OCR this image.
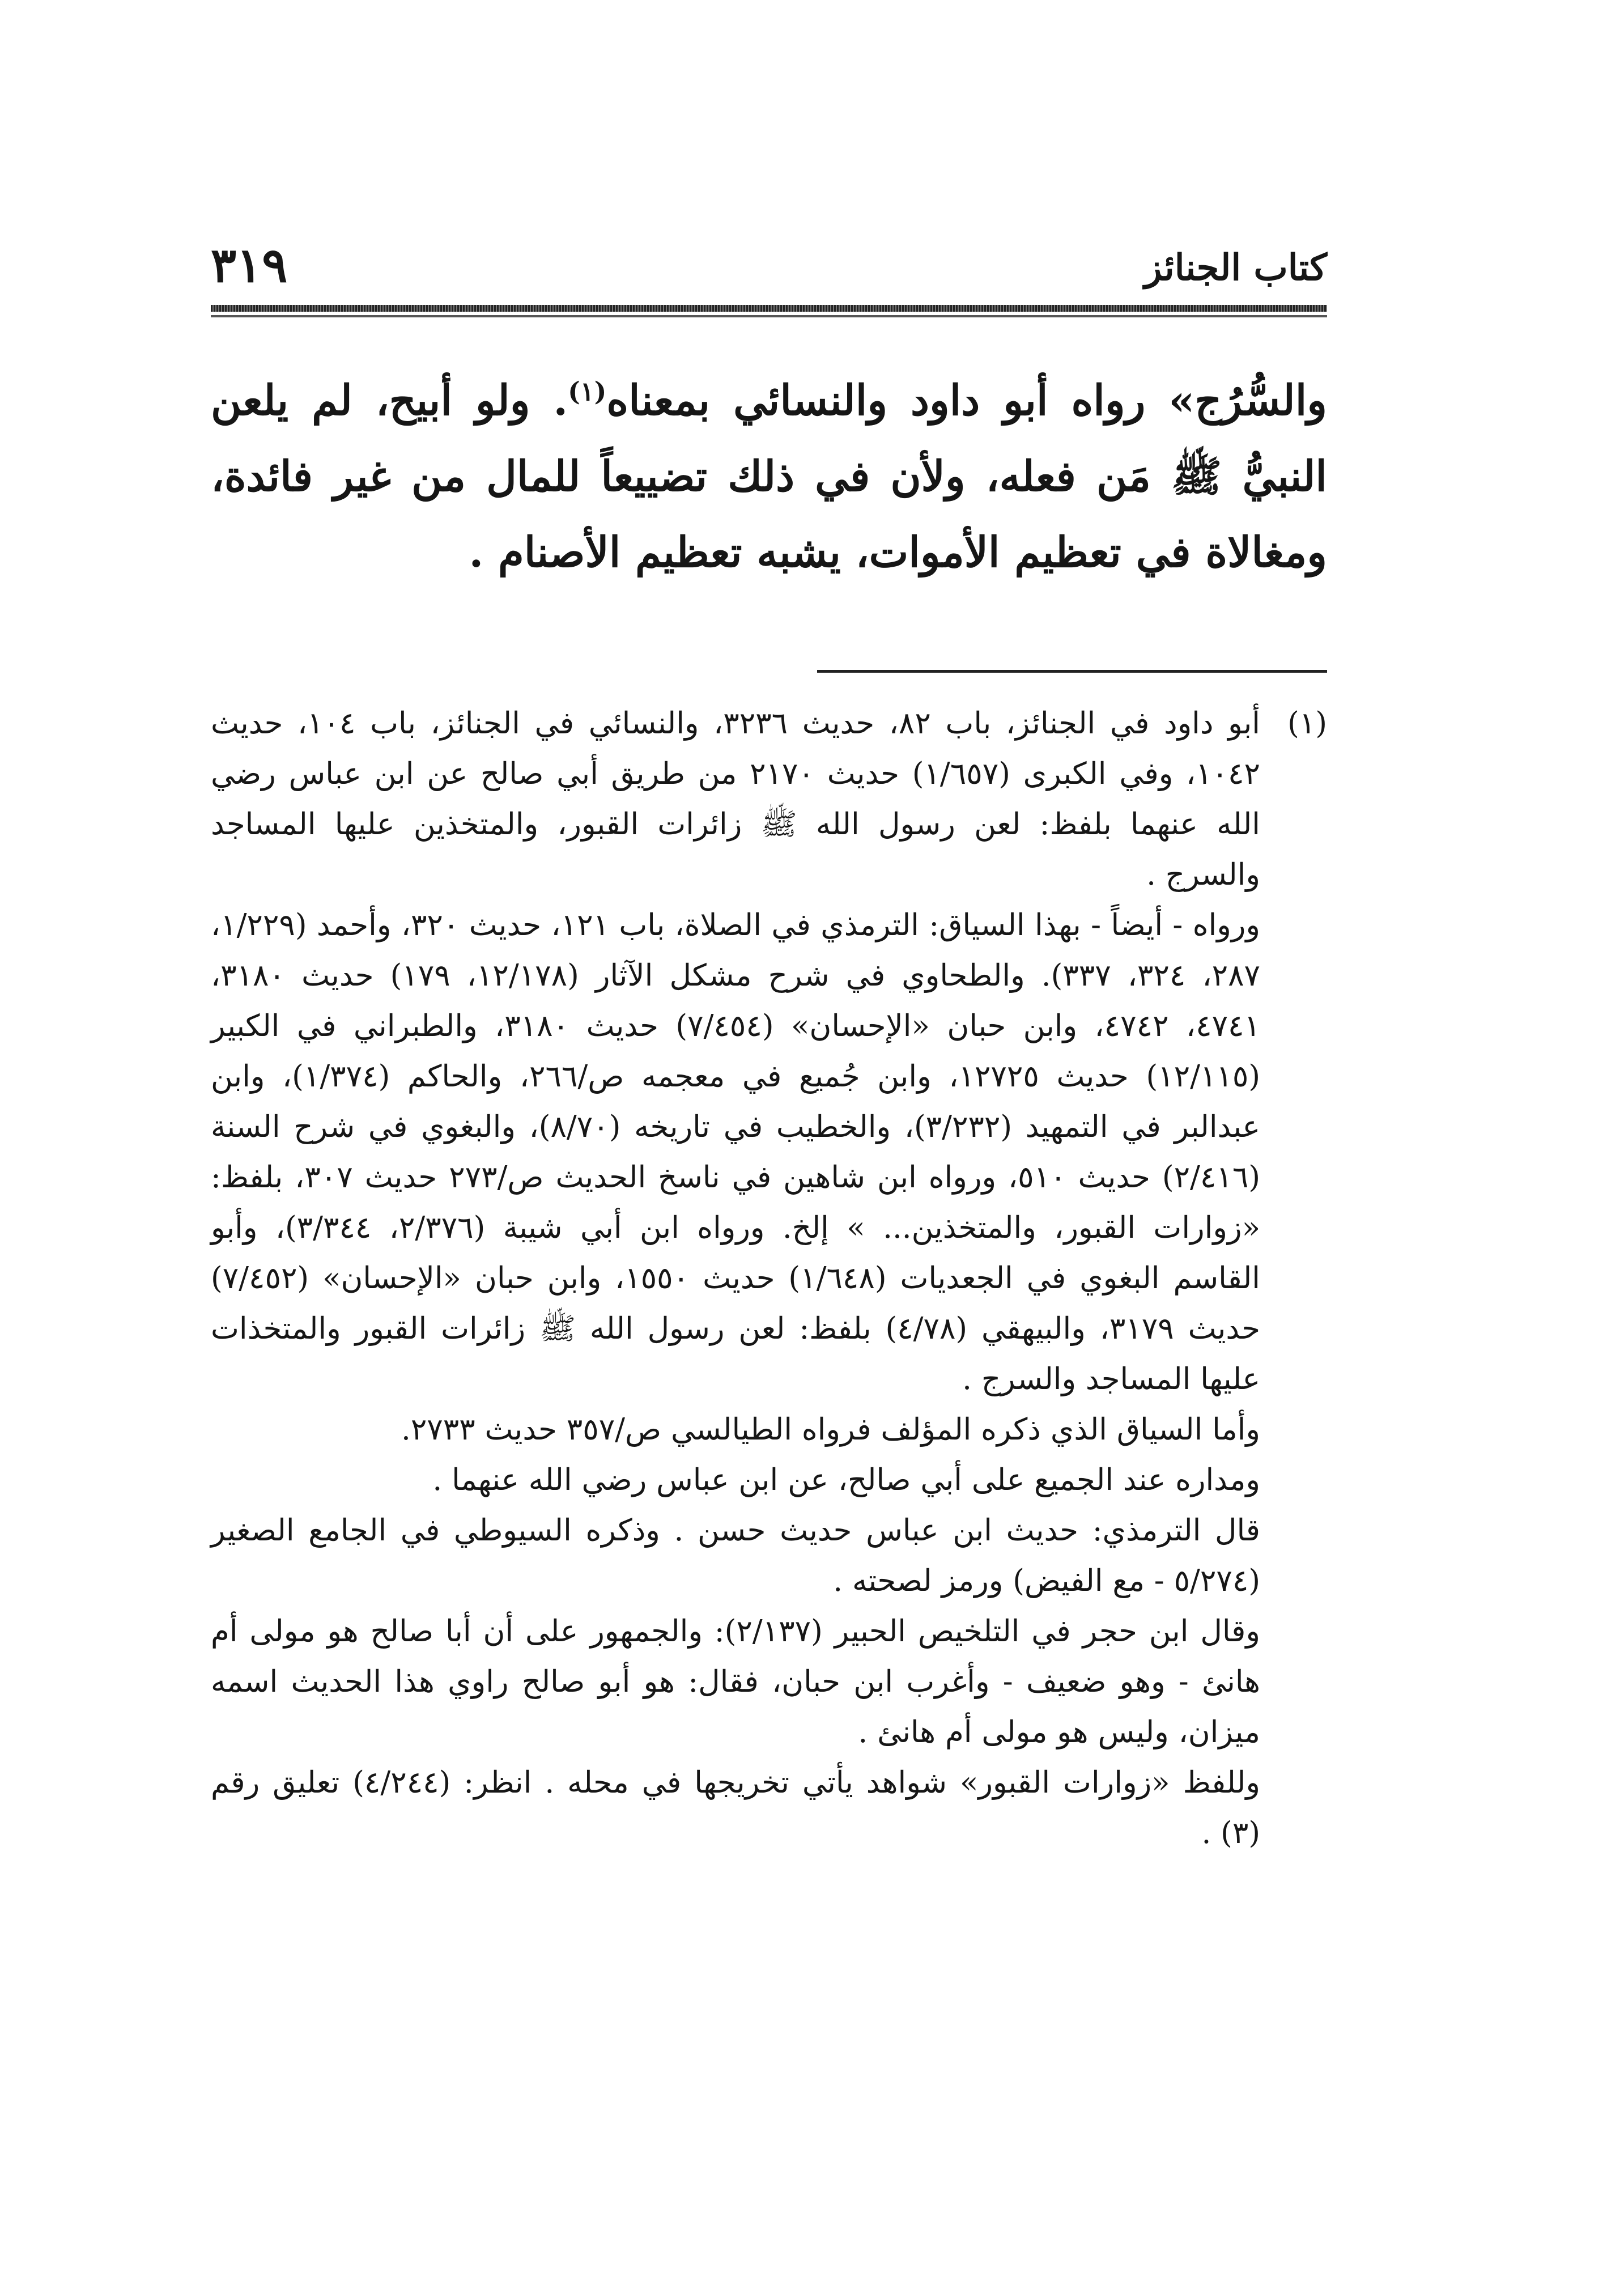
٣١٩	كتاب الجنائز

والسُّرُج» رواه أبو داود والنسائي بمعناه$^{(١)}$. ولو أبيح، لم يلعن النبيُّ ﷺ مَن فعله، ولأن في ذلك تضييعاً للمال من غير فائدة، ومغالاة في تعظيم الأموات، يشبه تعظيم الأصنام .

(١)

أبو داود في الجنائز، باب ٨٢، حديث ٣٢٣٦، والنسائي في الجنائز، باب ١٠٤، حديث ١٠٤٢، وفي الكبرى (١/٦٥٧) حديث ٢١٧٠ من طريق أبي صالح عن ابن عباس رضي الله عنهما بلفظ: لعن رسول الله ﷺ زائرات القبور، والمتخذين عليها المساجد والسرج .

ورواه - أيضاً - بهذا السياق: الترمذي في الصلاة، باب ١٢١، حديث ٣٢٠، وأحمد (١/٢٢٩، ٢٨٧، ٣٢٤، ٣٣٧). والطحاوي في شرح مشكل الآثار (١٢/١٧٨، ١٧٩) حديث ٣١٨٠، ٤٧٤١، ٤٧٤٢، وابن حبان «الإحسان» (٧/٤٥٤) حديث ٣١٨٠، والطبراني في الكبير (١٢/١١٥) حديث ١٢٧٢٥، وابن جُميع في معجمه ص/٢٦٦، والحاكم (١/٣٧٤)، وابن عبدالبر في التمهيد (٣/٢٣٢)، والخطيب في تاريخه (٨/٧٠)، والبغوي في شرح السنة (٢/٤١٦) حديث ٥١٠، ورواه ابن شاهين في ناسخ الحديث ص/٢٧٣ حديث ٣٠٧، بلفظ: «زوارات القبور، والمتخذين... » إلخ. ورواه ابن أبي شيبة (٢/٣٧٦، ٣/٣٤٤)، وأبو القاسم البغوي في الجعديات (١/٦٤٨) حديث ١٥٥٠، وابن حبان «الإحسان» (٧/٤٥٢) حديث ٣١٧٩، والبيهقي (٤/٧٨) بلفظ: لعن رسول الله ﷺ زائرات القبور والمتخذات عليها المساجد والسرج .

وأما السياق الذي ذكره المؤلف فرواه الطيالسي ص/٣٥٧ حديث ٢٧٣٣.

ومداره عند الجميع على أبي صالح، عن ابن عباس رضي الله عنهما .

قال الترمذي: حديث ابن عباس حديث حسن . وذكره السيوطي في الجامع الصغير (٥/٢٧٤ - مع الفيض) ورمز لصحته .

وقال ابن حجر في التلخيص الحبير (٢/١٣٧): والجمهور على أن أبا صالح هو مولى أم هانئ - وهو ضعيف - وأغرب ابن حبان، فقال: هو أبو صالح راوي هذا الحديث اسمه ميزان، وليس هو مولى أم هانئ .

وللفظ «زوارات القبور» شواهد يأتي تخريجها في محله . انظر: (٤/٢٤٤) تعليق رقم (٣) .
